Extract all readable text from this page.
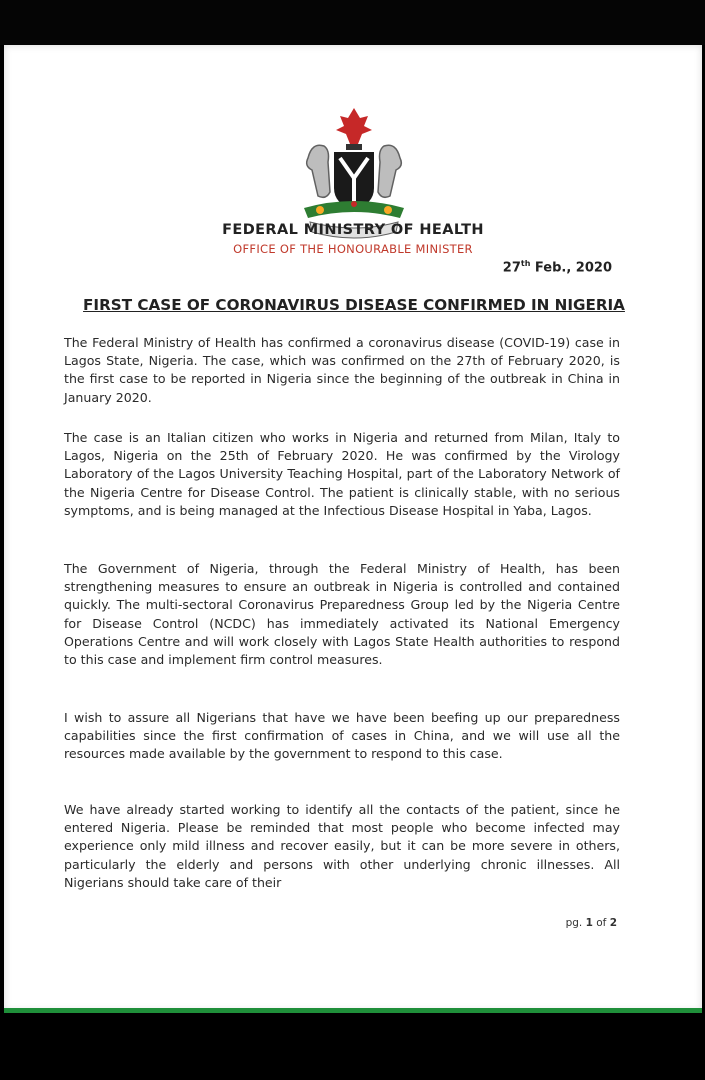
FEDERAL MINISTRY OF HEALTH

OFFICE OF THE HONOURABLE MINISTER

27th Feb., 2020
FIRST CASE OF CORONAVIRUS DISEASE CONFIRMED IN NIGERIA

The Federal Ministry of Health has confirmed a coronavirus disease (COVID-19) case in Lagos State, Nigeria. The case, which was confirmed on the 27th of February 2020, is the first case to be reported in Nigeria since the beginning of the outbreak in China in January 2020.

The case is an Italian citizen who works in Nigeria and returned from Milan, Italy to Lagos, Nigeria on the 25th of February 2020. He was confirmed by the Virology Laboratory of the Lagos University Teaching Hospital, part of the Laboratory Network of the Nigeria Centre for Disease Control. The patient is clinically stable, with no serious symptoms, and is being managed at the Infectious Disease Hospital in Yaba, Lagos.

The Government of Nigeria, through the Federal Ministry of Health, has been strengthening measures to ensure an outbreak in Nigeria is controlled and contained quickly. The multi-sectoral Coronavirus Preparedness Group led by the Nigeria Centre for Disease Control (NCDC) has immediately activated its National Emergency Operations Centre and will work closely with Lagos State Health authorities to respond to this case and implement firm control measures.

I wish to assure all Nigerians that have we have been beefing up our preparedness capabilities since the first confirmation of cases in China, and we will use all the resources made available by the government to respond to this case.

We have already started working to identify all the contacts of the patient, since he entered Nigeria. Please be reminded that most people who become infected may experience only mild illness and recover easily, but it can be more severe in others, particularly the elderly and persons with other underlying chronic illnesses. All Nigerians should take care of their

pg. 1 of 2
